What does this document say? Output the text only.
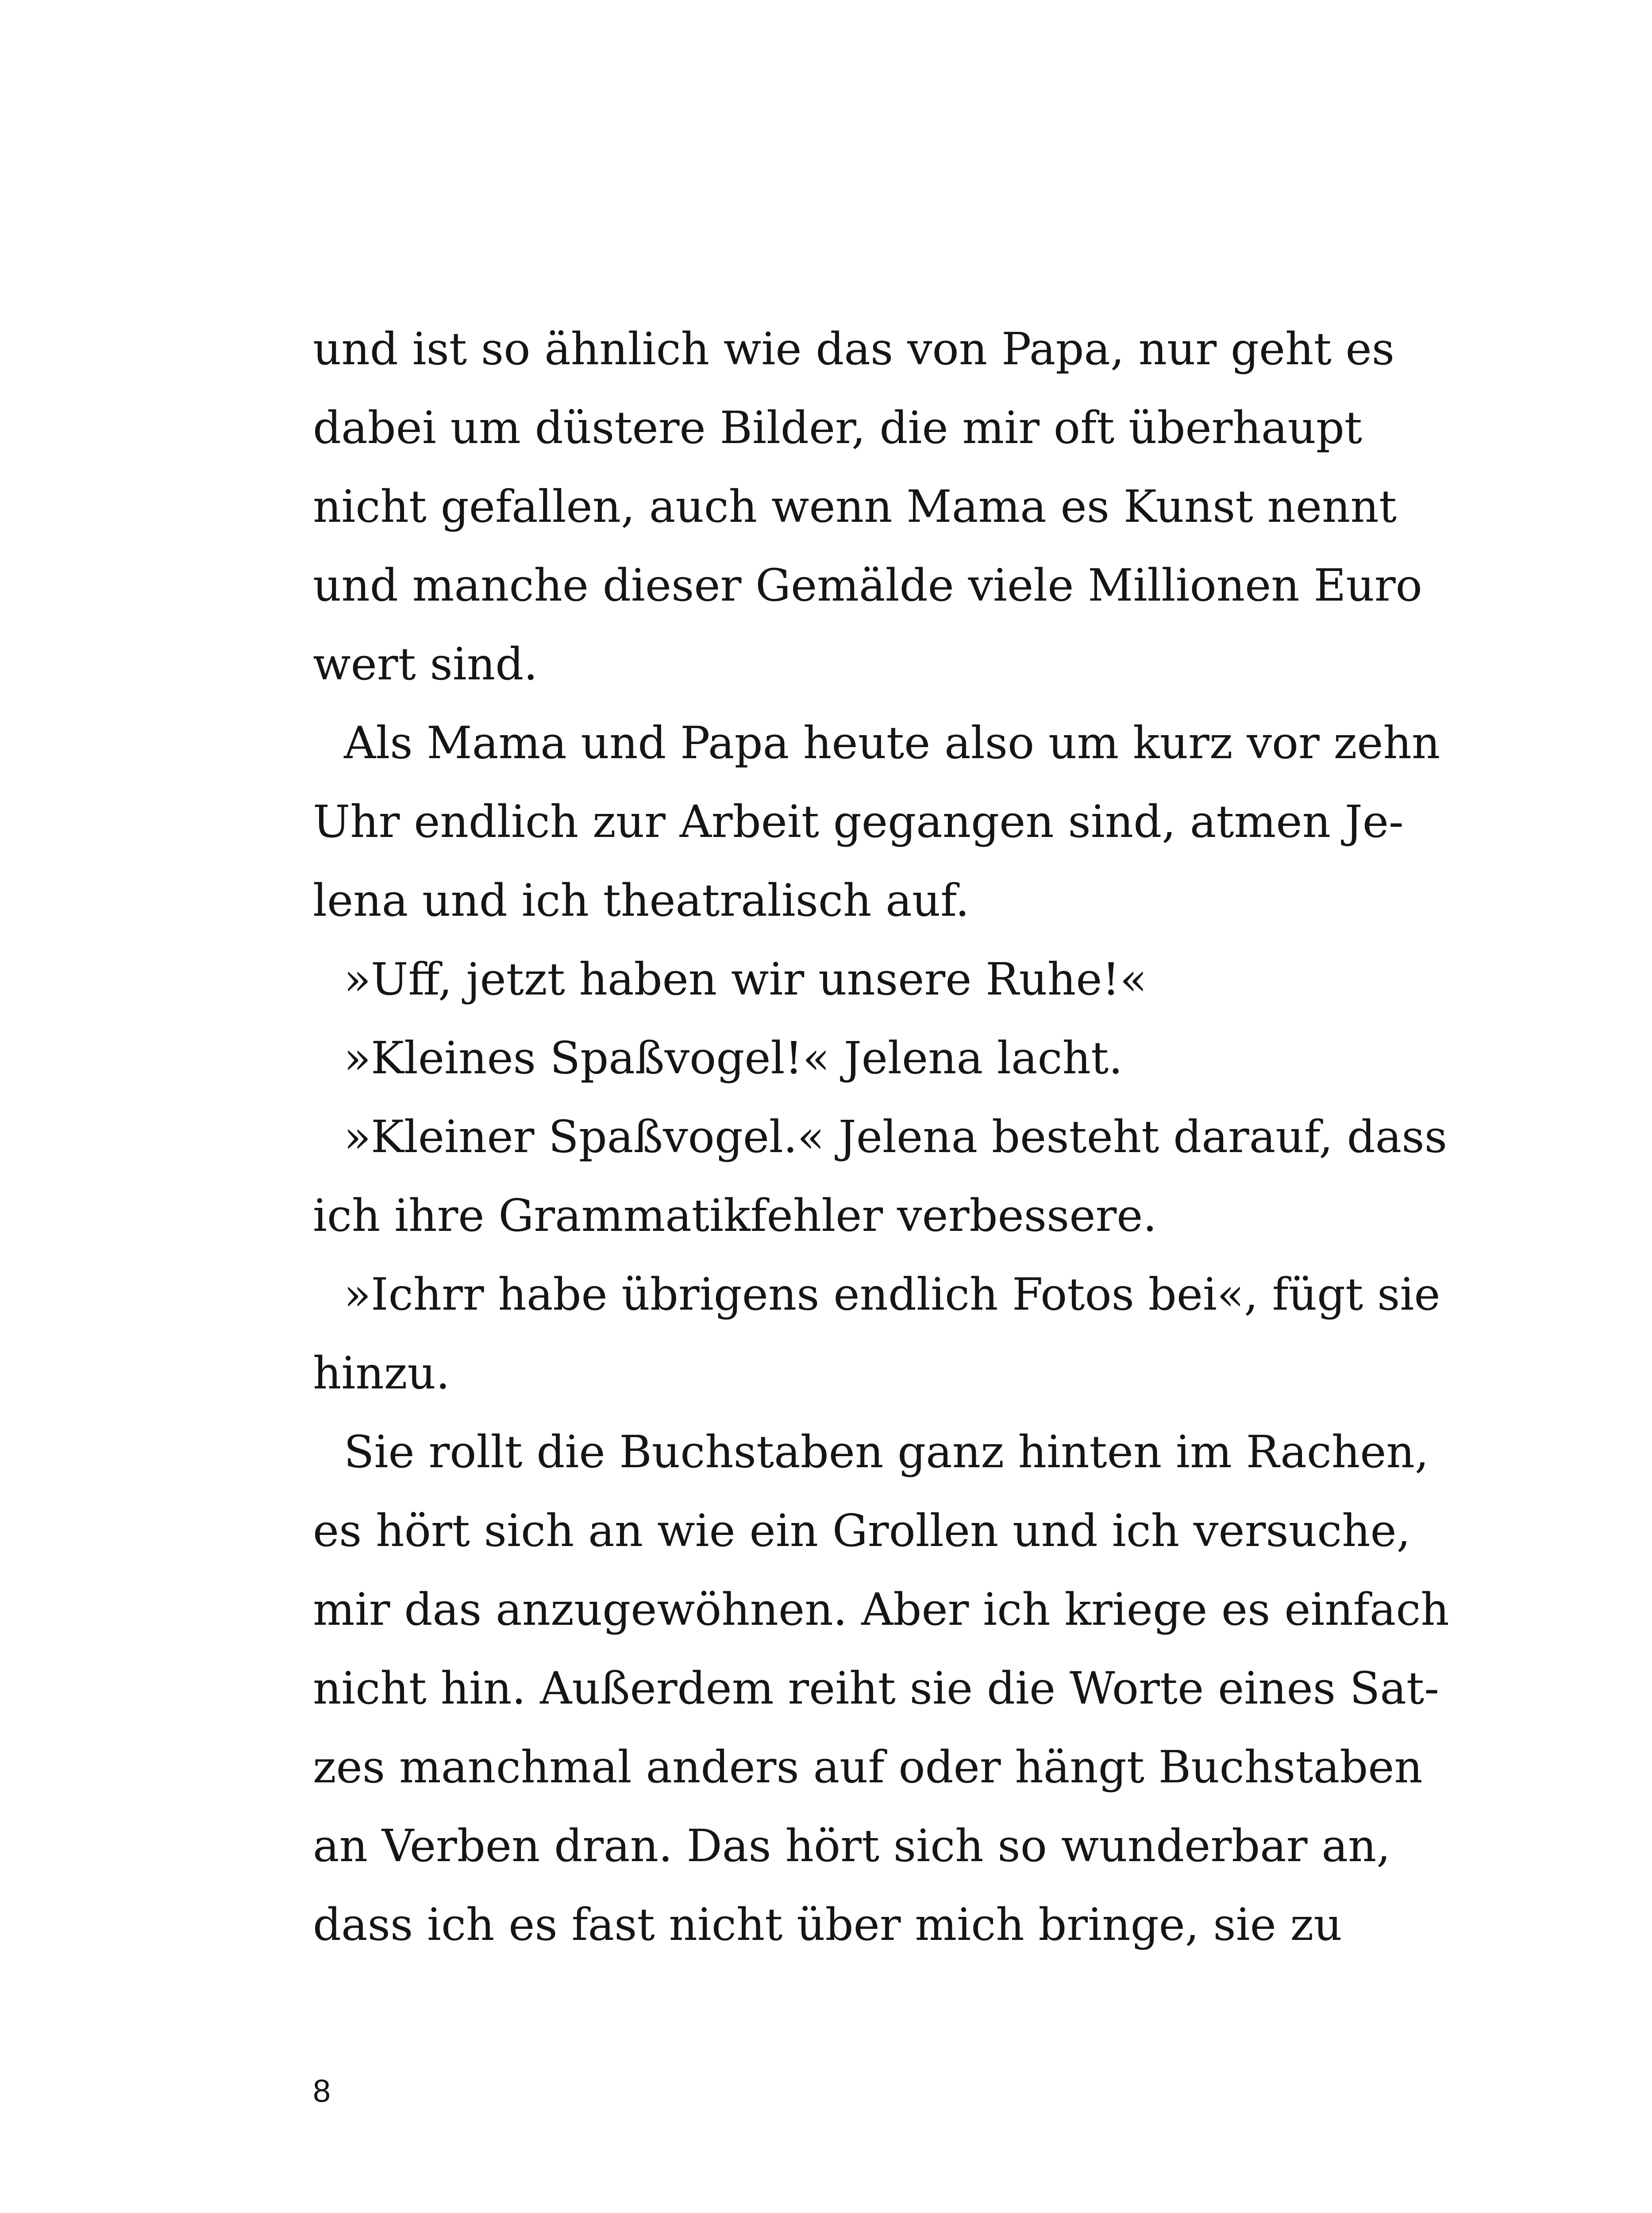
und ist so ähnlich wie das von Papa, nur geht es
dabei um düstere Bilder, die mir oft überhaupt
nicht gefallen, auch wenn Mama es Kunst nennt
und manche dieser Gemälde viele Millionen Euro
wert sind.
Als Mama und Papa heute also um kurz vor zehn
Uhr endlich zur Arbeit gegangen sind, atmen Je-
lena und ich theatralisch auf.
»Uff, jetzt haben wir unsere Ruhe!«
»Kleines Spaßvogel!« Jelena lacht.
»Kleiner Spaßvogel.« Jelena besteht darauf, dass
ich ihre Grammatikfehler verbessere.
»Ichrr habe übrigens endlich Fotos bei«, fügt sie
hinzu.
Sie rollt die Buchstaben ganz hinten im Rachen,
es hört sich an wie ein Grollen und ich versuche,
mir das anzugewöhnen. Aber ich kriege es einfach
nicht hin. Außerdem reiht sie die Worte eines Sat-
zes manchmal anders auf oder hängt Buchstaben
an Verben dran. Das hört sich so wunderbar an,
dass ich es fast nicht über mich bringe, sie zu
8
